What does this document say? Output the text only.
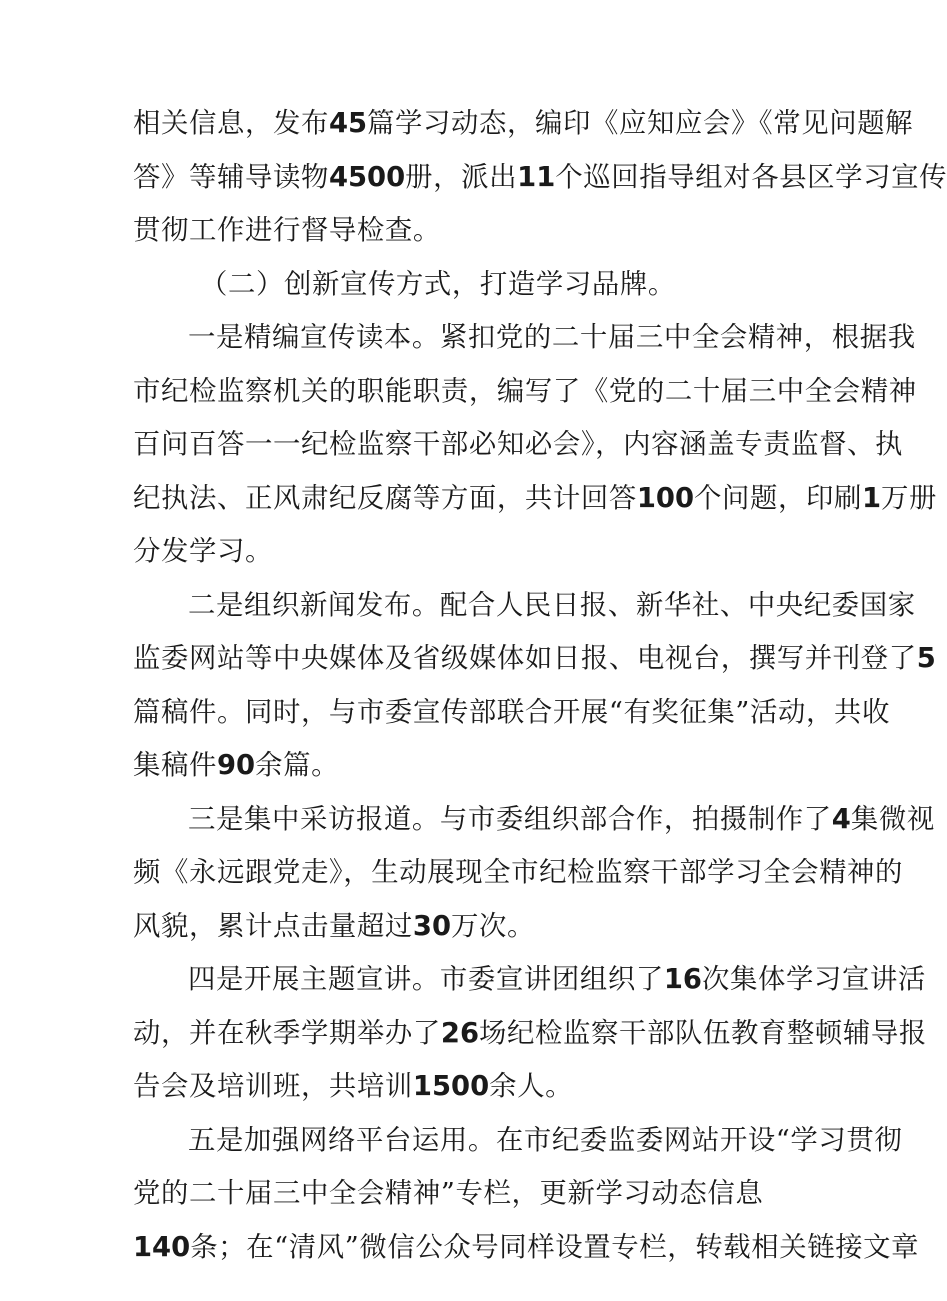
相关信息，发布45篇学习动态，编印《应知应会》《常见问题解
答》等辅导读物4500册，派出11个巡回指导组对各县区学习宣传
贯彻工作进行督导检查。
（二）创新宣传方式，打造学习品牌。
一是精编宣传读本。紧扣党的二十届三中全会精神，根据我
市纪检监察机关的职能职责，编写了《党的二十届三中全会精神
百问百答一一纪检监察干部必知必会》，内容涵盖专责监督、执
纪执法、正风肃纪反腐等方面，共计回答100个问题，印刷1万册
分发学习。
二是组织新闻发布。配合人民日报、新华社、中央纪委国家
监委网站等中央媒体及省级媒体如日报、电视台，撰写并刊登了5
篇稿件。同时，与市委宣传部联合开展“有奖征集”活动，共收
集稿件90余篇。
三是集中采访报道。与市委组织部合作，拍摄制作了4集微视
频《永远跟党走》，生动展现全市纪检监察干部学习全会精神的
风貌，累计点击量超过30万次。
四是开展主题宣讲。市委宣讲团组织了16次集体学习宣讲活
动，并在秋季学期举办了26场纪检监察干部队伍教育整顿辅导报
告会及培训班，共培训1500余人。
五是加强网络平台运用。在市纪委监委网站开设“学习贯彻
党的二十届三中全会精神”专栏，更新学习动态信息
140条；在“清风”微信公众号同样设置专栏，转载相关链接文章
